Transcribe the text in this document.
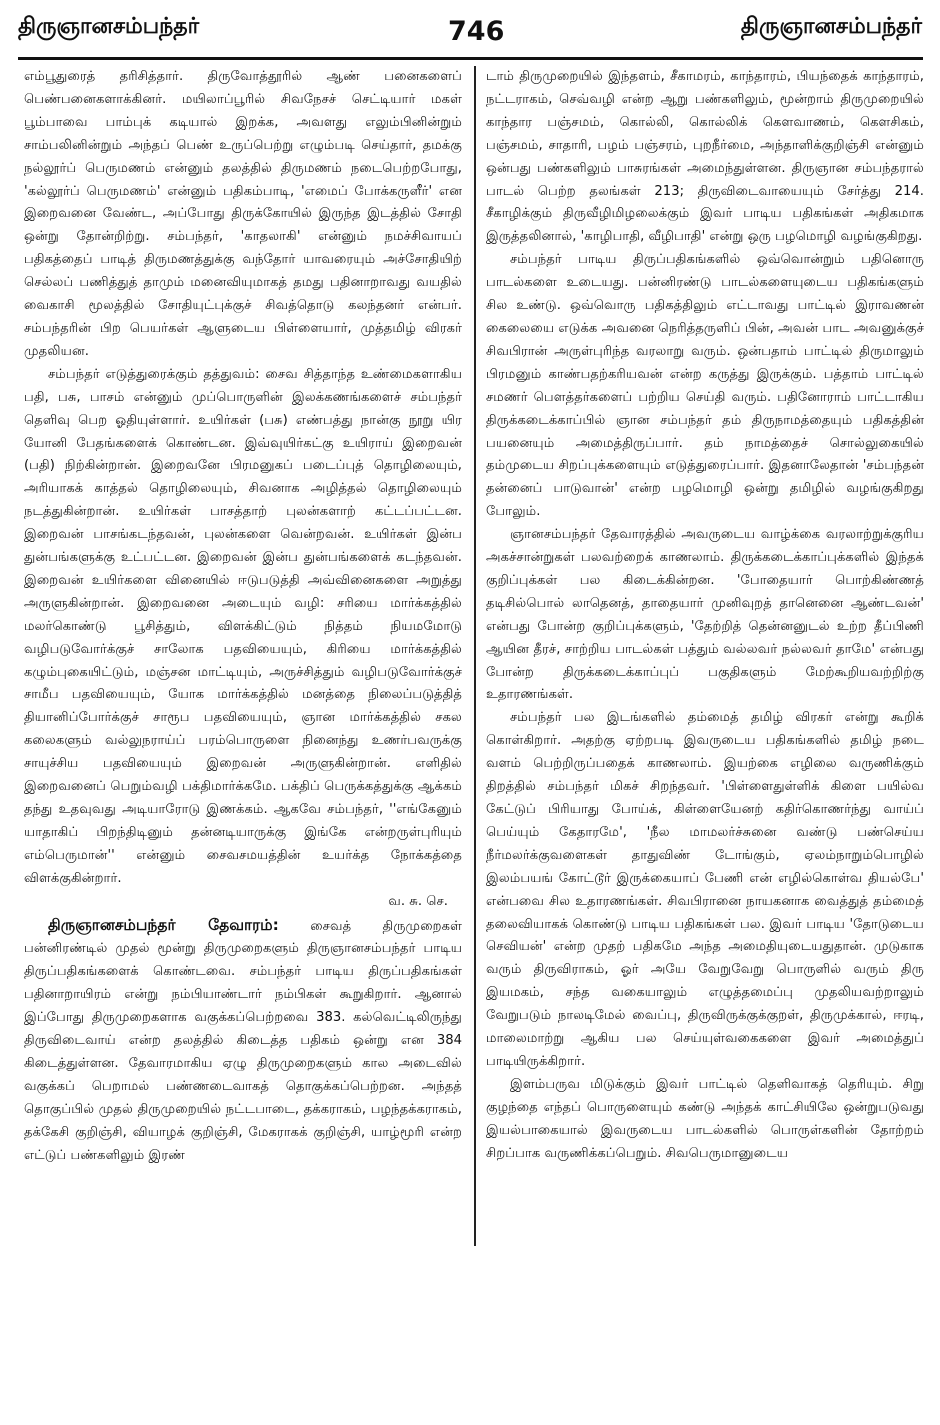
திருஞானசம்பந்தர்	746	திருஞானசம்பந்தர்

எம்பூதுரைத் தரிசித்தார். திருவோத்தூரில் ஆண் பனைகளைப் பெண்பனைகளாக்கினர். மயிலாப்பூரில் சிவநேசச் செட்டியார் மகள் பூம்பாவை பாம்புக் கடியால் இறக்க, அவளது எலும்பினின்றும் சாம்பலினின்றும் அந்தப் பெண் உருப்பெற்று எழும்படி செய்தார், தமக்கு நல்லூர்ப் பெருமணம் என்னும் தலத்தில் திருமணம் நடைபெற்றபோது, 'கல்லூர்ப் பெருமணம்' என்னும் பதிகம்பாடி, 'எமைப் போக்கருளீர்' என இறைவனை வேண்ட, அப்போது திருக்கோயில் இருந்த இடத்தில் சோதி ஒன்று தோன்றிற்று. சம்பந்தர், 'காதலாகி' என்னும் நமச்சிவாயப் பதிகத்தைப் பாடித் திருமணத்துக்கு வந்தோர் யாவரையும் அச்சோதியிற் செல்லப் பணித்துத் தாமும் மனைவியுமாகத் தமது பதினாறாவது வயதில் வைகாசி மூலத்தில் சோதியுட்புக்குச் சிவத்தொடு கலந்தனர் என்பர். சம்பந்தரின் பிற பெயர்கள் ஆளுடைய பிள்ளையார், முத்தமிழ் விரகர் முதலியன.

சம்பந்தர் எடுத்துரைக்கும் தத்துவம்: சைவ சித்தாந்த உண்மைகளாகிய பதி, பசு, பாசம் என்னும் முப்பொருளின் இலக்கணங்களைச் சம்பந்தர் தெளிவு பெற ஓதியுள்ளார். உயிர்கள் (பசு) எண்பத்து நான்கு நூறு யிர யோனி பேதங்களைக் கொண்டன. இவ்வுயிர்கட்கு உயிராய் இறைவன் (பதி) நிற்கின்றான். இறைவனே பிரமனுகப் படைப்புத் தொழிலையும், அரியாகக் காத்தல் தொழிலையும், சிவனாக அழித்தல் தொழிலையும் நடத்துகின்றான். உயிர்கள் பாசத்தாற் புலன்களாற் கட்டப்பட்டன. இறைவன் பாசங்கடந்தவன், புலன்களை வென்றவன். உயிர்கள் இன்ப துன்பங்களுக்கு உட்பட்டன. இறைவன் இன்ப துன்பங்களைக் கடந்தவன். இறைவன் உயிர்களை வினையில் ஈடுபடுத்தி அவ்வினைகளை அறுத்து அருளுகின்றான். இறைவனை அடையும் வழி: சரியை மார்க்கத்தில் மலர்கொண்டு பூசித்தும், விளக்கிட்டும் நித்தம் நியமமோடு வழிபடுவோர்க்குச் சாலோக பதவியையும், கிரியை மார்க்கத்தில் கழும்புகையிட்டும், மஞ்சன மாட்டியும், அருச்சித்தும் வழிபடுவோர்க்குச் சாமீப பதவியையும், யோக மார்க்கத்தில் மனத்தை நிலைப்படுத்தித் தியானிப்போர்க்குச் சாரூப பதவியையும், ஞான மார்க்கத்தில் சகல கலைகளும் வல்லுநராய்ப் பரம்பொருளை நினைந்து உணர்பவருக்கு சாயுச்சிய பதவியையும் இறைவன் அருளுகின்றான். எளிதில் இறைவனைப் பெறும்வழி பக்திமார்க்கமே. பக்திப் பெருக்கத்துக்கு ஆக்கம் தந்து உதவுவது அடியாரோடு இணக்கம். ஆகவே சம்பந்தர், ''எங்கேனும் யாதாகிப் பிறந்திடினும் தன்னடியாருக்கு இங்கே என்றருள்புரியும் எம்பெருமான்'' என்னும் சைவசமயத்தின் உயர்க்த நோக்கத்தை விளக்குகின்றார்.

வ. சு. செ.

திருஞானசம்பந்தர் தேவாரம்: சைவத் திருமுறைகள் பன்னிரண்டில் முதல் மூன்று திருமுறைகளும் திருஞானசம்பந்தர் பாடிய திருப்பதிகங்களைக் கொண்டவை. சம்பந்தர் பாடிய திருப்பதிகங்கள் பதினாறாயிரம் என்று நம்பியாண்டார் நம்பிகள் கூறுகிறார். ஆனால் இப்போது திருமுறைகளாக வகுக்கப்பெற்றவை 383. கல்வெட்டிலிருந்து திருவிடைவாய் என்ற தலத்தில் கிடைத்த பதிகம் ஒன்று என 384 கிடைத்துள்ளன. தேவாரமாகிய ஏழு திருமுறைகளும் கால அடைவில் வகுக்கப் பெறாமல் பண்ணடைவாகத் தொகுக்கப்பெற்றன. அந்தத் தொகுப்பில் முதல் திருமுறையில் நட்டபாடை, தக்கராகம், பழந்தக்கராகம், தக்கேசி குறிஞ்சி, வியாழக் குறிஞ்சி, மேகராகக் குறிஞ்சி, யாழ்மூரி என்ற எட்டுப் பண்களிலும் இரண்

டாம் திருமுறையில் இந்தளம், சீகாமரம், காந்தாரம், பியந்தைக் காந்தாரம், நட்டராகம், செவ்வழி என்ற ஆறு பண்களிலும், மூன்றாம் திருமுறையில் காந்தார பஞ்சமம், கொல்லி, கொல்லிக் கௌவாணம், கௌசிகம், பஞ்சமம், சாதாரி, பழம் பஞ்சரம், புறநீர்மை, அந்தாளிக்குறிஞ்சி என்னும் ஒன்பது பண்களிலும் பாசுரங்கள் அமைந்துள்ளன. திருஞான சம்பந்தரால் பாடல் பெற்ற தலங்கள் 213; திருவிடைவாயையும் சேர்த்து 214. சீகாழிக்கும் திருவீழிமிழலைக்கும் இவர் பாடிய பதிகங்கள் அதிகமாக இருத்தலினால், 'காழிபாதி, வீழிபாதி' என்று ஒரு பழமொழி வழங்குகிறது.

சம்பந்தர் பாடிய திருப்பதிகங்களில் ஒவ்வொன்றும் பதினொரு பாடல்களை உடையது. பன்னிரண்டு பாடல்களையுடைய பதிகங்களும் சில உண்டு. ஒவ்வொரு பதிகத்திலும் எட்டாவது பாட்டில் இராவணன் கைலையை எடுக்க அவனை நெரித்தருளிப் பின், அவன் பாட அவனுக்குச் சிவபிரான் அருள்புரிந்த வரலாறு வரும். ஒன்பதாம் பாட்டில் திருமாலும் பிரமனும் காண்பதற்கரியவன் என்ற கருத்து இருக்கும். பத்தாம் பாட்டில் சமணர் பௌத்தர்களைப் பற்றிய செய்தி வரும். பதினோராம் பாட்டாகிய திருக்கடைக்காப்பில் ஞான சம்பந்தர் தம் திருநாமத்தையும் பதிகத்தின் பயனையும் அமைத்திருப்பார். தம் நாமத்தைச் சொல்லுகையில் தம்முடைய சிறப்புக்களையும் எடுத்துரைப்பார். இதனாலேதான் 'சம்பந்தன் தன்னைப் பாடுவான்' என்ற பழமொழி ஒன்று தமிழில் வழங்குகிறது போலும்.

ஞானசம்பந்தர் தேவாரத்தில் அவருடைய வாழ்க்கை வரலாற்றுக்குரிய அகச்சான்றுகள் பலவற்றைக் காணலாம். திருக்கடைக்காப்புக்களில் இந்தக் குறிப்புக்கள் பல கிடைக்கின்றன. 'போதையார் பொற்கிண்ணத் தடிசில்பொல் லாதெனத், தாதையார் முனிவுறத் தானெனை ஆண்டவன்' என்பது போன்ற குறிப்புக்களும், 'தேற்றித் தென்னனுடல் உற்ற தீப்பிணி ஆயின தீரச், சாற்றிய பாடல்கள் பத்தும் வல்லவர் நல்லவர் தாமே' என்பது போன்ற திருக்கடைக்காப்புப் பகுதிகளும் மேற்கூறியவற்றிற்கு உதாரணங்கள்.

சம்பந்தர் பல இடங்களில் தம்மைத் தமிழ் விரகர் என்று கூறிக் கொள்கிறார். அதற்கு ஏற்றபடி இவருடைய பதிகங்களில் தமிழ் நடை வளம் பெற்றிருப்பதைக் காணலாம். இயற்கை எழிலை வருணிக்கும் திறத்தில் சம்பந்தர் மிகச் சிறந்தவர். 'பிள்ளைதுள்ளிக் கிளை பயில்வ கேட்டுப் பிரியாது போய்க், கிள்ளையேனற் கதிர்கொணர்ந்து வாய்ப் பெய்யும் கேதாரமே', 'நீல மாமலர்ச்சுனை வண்டு பண்செய்ய நீர்மலர்க்குவளைகள் தாதுவிண் டோங்கும், ஏலம்நாறும்பொழில் இலம்பயங் கோட்டூர் இருக்கையாப் பேணி என் எழில்கொள்வ தியல்பே' என்பவை சில உதாரணங்கள். சிவபிரானை நாயகனாக வைத்துத் தம்மைத் தலைவியாகக் கொண்டு பாடிய பதிகங்கள் பல. இவர் பாடிய 'தோடுடைய செவியன்' என்ற முதற் பதிகமே அந்த அமைதியுடையதுதான். முடுகாக வரும் திருவிராகம், ஓர் அயே வேறுவேறு பொருளில் வரும் திரு இயமகம், சந்த வகையாலும் எழுத்தமைப்பு முதலியவற்றாலும் வேறுபடும் நாலடிமேல் வைப்பு, திருவிருக்குக்குறள், திருமுக்கால், ஈரடி, மாலைமாற்று ஆகிய பல செய்யுள்வகைகளை இவர் அமைத்துப் பாடியிருக்கிறார்.

இளம்பருவ மிடுக்கும் இவர் பாட்டில் தெளிவாகத் தெரியும். சிறு குழந்தை எந்தப் பொருளையும் கண்டு அந்தக் காட்சியிலே ஒன்றுபடுவது இயல்பாகையால் இவருடைய பாடல்களில் பொருள்களின் தோற்றம் சிறப்பாக வருணிக்கப்பெறும். சிவபெருமானுடைய
